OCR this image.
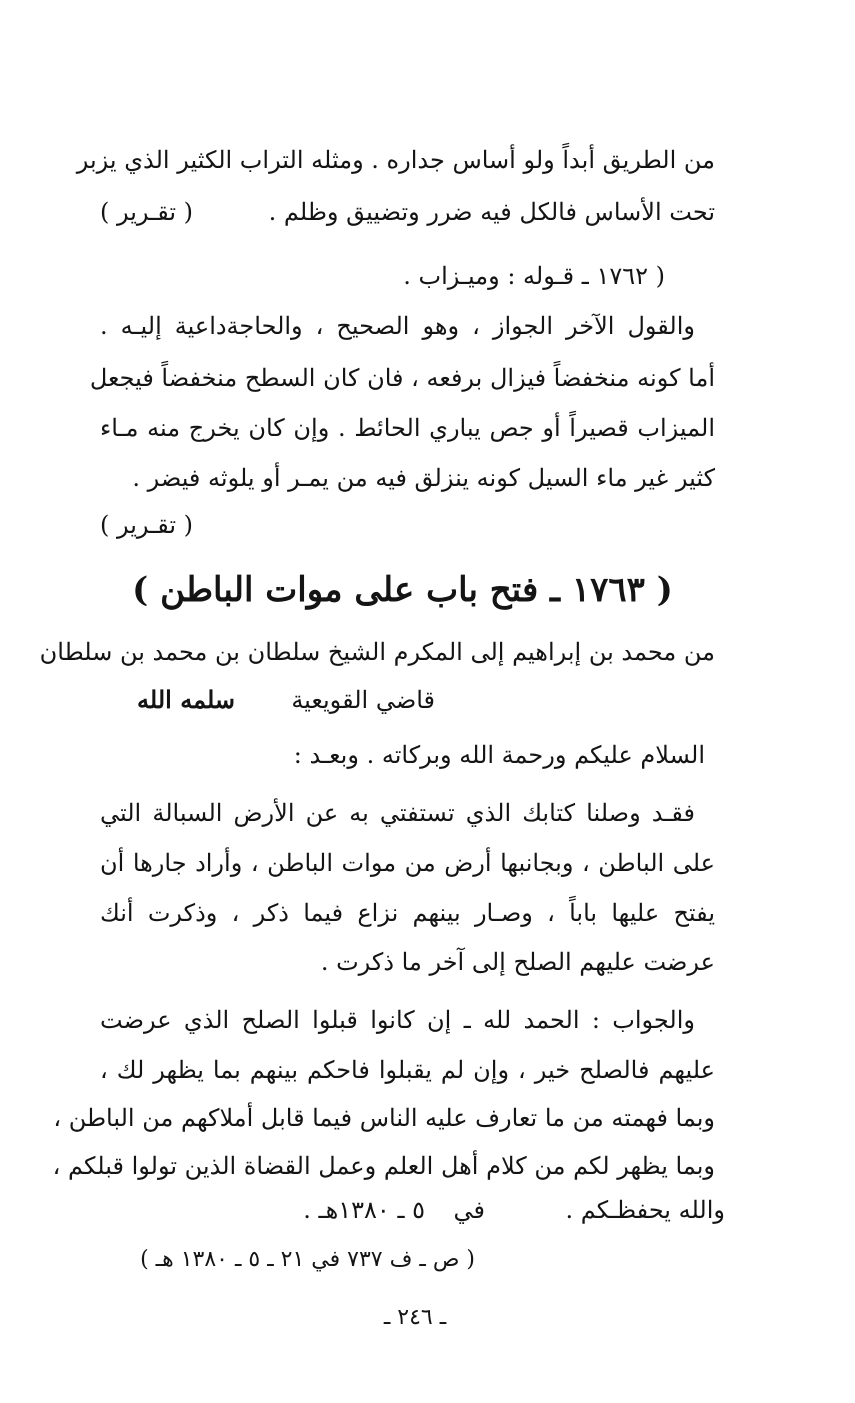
من الطريق أبداً ولو أساس جداره . ومثله التراب الكثير الذي يزبر
تحت الأساس فالكل فيه ضرر وتضييق وظلم .
( تقـرير )
( ١٧٦٢ ـ قـوله : وميـزاب .
والقول الآخر الجواز ، وهو الصحيح ، والحاجةداعية إليـه .
أما كونه منخفضاً فيزال برفعه ، فان كان السطح منخفضاً فيجعل
الميزاب قصيراً أو جص يباري الحائط . وإن كان يخرج منه مـاء
كثير غير ماء السيل كونه ينزلق فيه من يمـر أو يلوثه فيضر .
( تقـرير )
( ١٧٦٣ ـ فتح باب على موات الباطن )
من محمد بن إبراهيم إلى المكرم الشيخ سلطان بن محمد بن سلطان
قاضي القويعية
سلمه الله
السلام عليكم ورحمة الله وبركاته . وبعـد :
فقـد وصلنا كتابك الذي تستفتي به عن الأرض السبالة التي
على الباطن ، وبجانبها أرض من موات الباطن ، وأراد جارها أن
يفتح عليها باباً ، وصـار بينهم نزاع فيما ذكر ، وذكرت أنك
عرضت عليهم الصلح إلى آخر ما ذكرت .
والجواب : الحمد لله ـ إن كانوا قبلوا الصلح الذي عرضت
عليهم فالصلح خير ، وإن لم يقبلوا فاحكم بينهم بما يظهر لك ،
وبما فهمته من ما تعارف عليه الناس فيما قابل أملاكهم من الباطن ،
وبما يظهر لكم من كلام أهل العلم وعمل القضاة الذين تولوا قبلكم ،
والله يحفظـكم .
في
٥ ـ ١٣٨٠هـ .
( ص ـ ف ٧٣٧ في ٢١ ـ ٥ ـ ١٣٨٠ هـ )
ـ ٢٤٦ ـ
